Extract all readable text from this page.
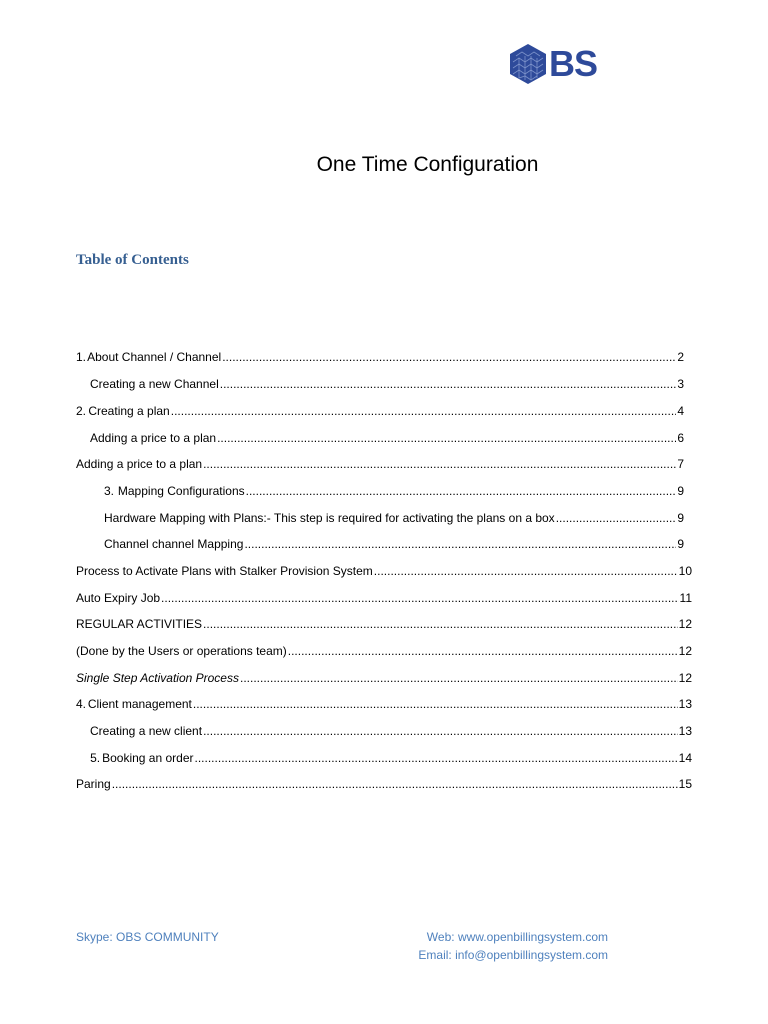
BS
One Time Configuration
Table of Contents
1. About Channel / Channel .....	2
Creating a new Channel .....	3
2. Creating a plan .....	4
Adding a price to a plan .....	6
Adding a price to a plan .....	7
3. Mapping Configurations .....	9
Hardware Mapping with Plans:- This step is required for activating the plans on a box .....	9
Channel channel Mapping .....	9
Process to Activate Plans with Stalker Provision System .....	10
Auto Expiry Job .....	11
REGULAR ACTIVITIES .....	12
(Done by the Users or operations team) .....	12
Single Step Activation Process .....	12
4. Client management .....	13
Creating a new client .....	13
5. Booking an order .....	14
Paring .....	15
Skype: OBS COMMUNITY	Web: www.openbillingsystem.com
Email: info@openbillingsystem.com
